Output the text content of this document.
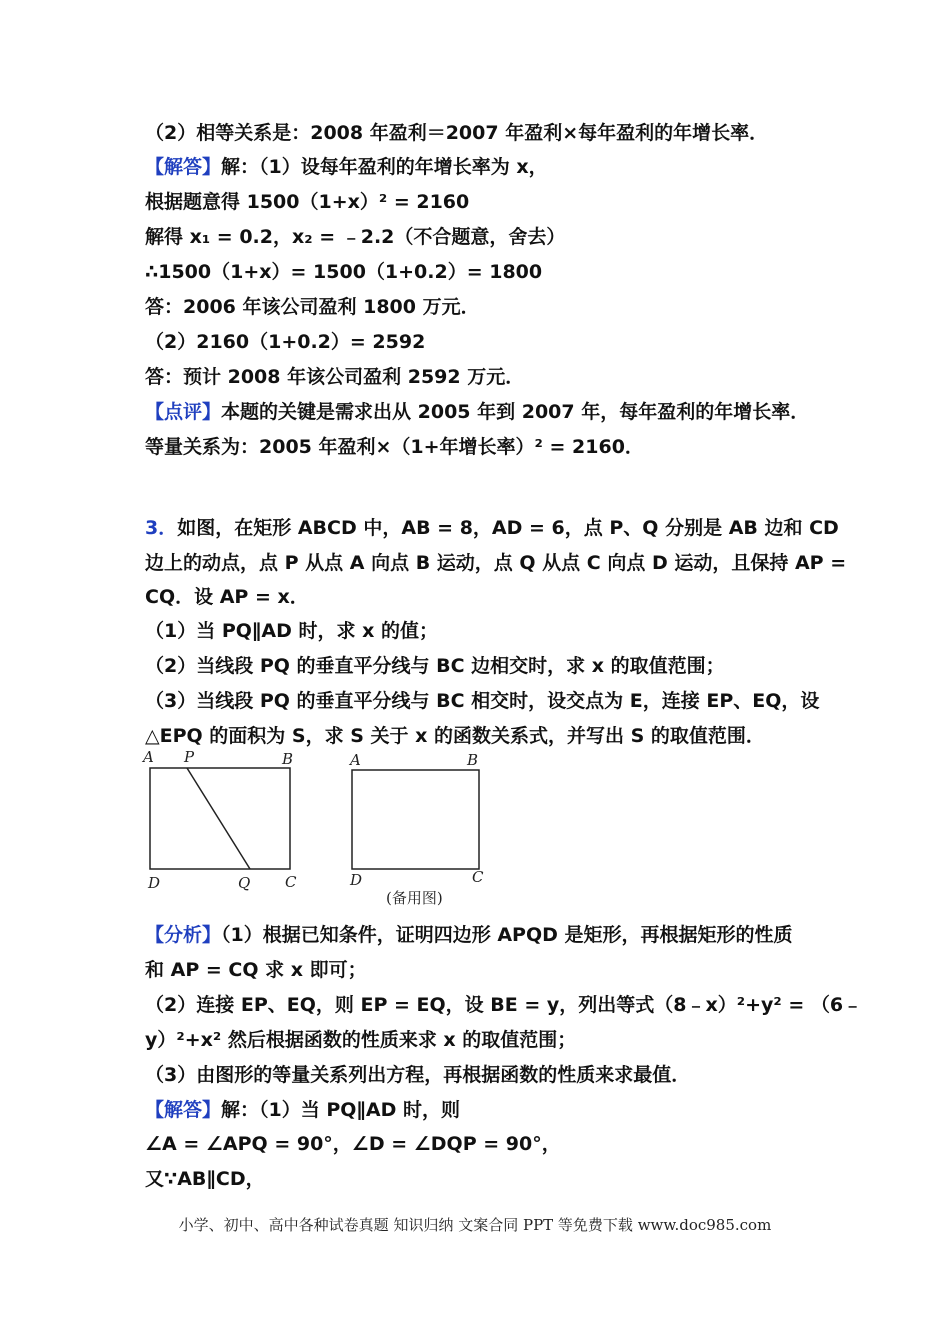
（2）相等关系是：2008 年盈利＝2007 年盈利×每年盈利的年增长率．
【解答】解：（1）设每年盈利的年增长率为 x，
根据题意得 1500（1+x）² = 2160
解得 x₁ = 0.2，x₂ = ﹣2.2（不合题意，舍去）
∴1500（1+x）= 1500（1+0.2）= 1800
答：2006 年该公司盈利 1800 万元．
（2）2160（1+0.2）= 2592
答：预计 2008 年该公司盈利 2592 万元．
【点评】本题的关键是需求出从 2005 年到 2007 年，每年盈利的年增长率．
等量关系为：2005 年盈利×（1+年增长率）² = 2160．
3．如图，在矩形 ABCD 中，AB = 8，AD = 6，点 P、Q 分别是 AB 边和 CD
边上的动点，点 P 从点 A 向点 B 运动，点 Q 从点 C 向点 D 运动，且保持 AP =
CQ．设 AP = x．
（1）当 PQ∥AD 时，求 x 的值；
（2）当线段 PQ 的垂直平分线与 BC 边相交时，求 x 的取值范围；
（3）当线段 PQ 的垂直平分线与 BC 相交时，设交点为 E，连接 EP、EQ，设
△EPQ 的面积为 S，求 S 关于 x 的函数关系式，并写出 S 的取值范围．
【分析】（1）根据已知条件，证明四边形 APQD 是矩形，再根据矩形的性质
和 AP = CQ 求 x 即可；
（2）连接 EP、EQ，则 EP = EQ，设 BE = y，列出等式（8﹣x）²+y² = （6﹣
y）²+x² 然后根据函数的性质来求 x 的取值范围；
（3）由图形的等量关系列出方程，再根据函数的性质来求最值．
【解答】解：（1）当 PQ∥AD 时，则
∠A = ∠APQ = 90°，∠D = ∠DQP = 90°，
又∵AB∥CD，
A P	B
D	Q C
A	B
D	C
(备用图)
小学、初中、高中各种试卷真题 知识归纳 文案合同 PPT 等免费下载 www.doc985.com
